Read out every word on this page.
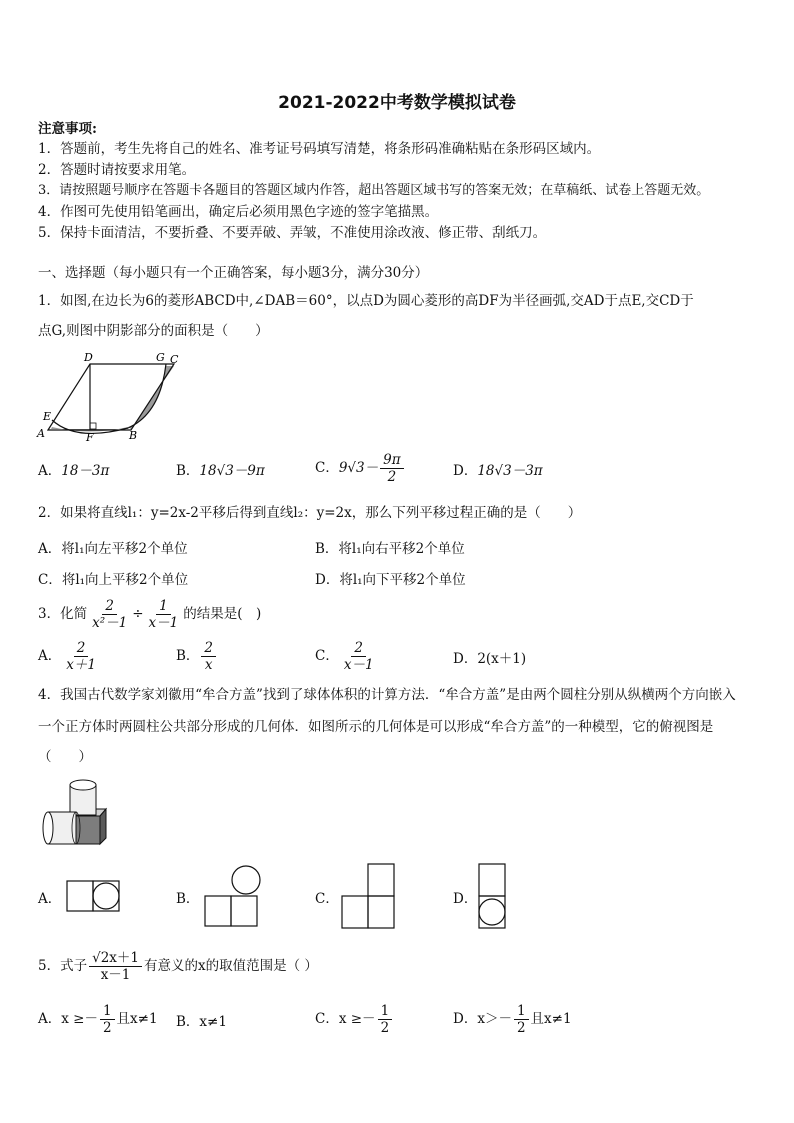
2021-2022中考数学模拟试卷
注意事项:
1．答题前，考生先将自己的姓名、准考证号码填写清楚，将条形码准确粘贴在条形码区域内。
2．答题时请按要求用笔。
3．请按照题号顺序在答题卡各题目的答题区域内作答，超出答题区域书写的答案无效；在草稿纸、试卷上答题无效。
4．作图可先使用铅笔画出，确定后必须用黑色字迹的签字笔描黑。
5．保持卡面清洁，不要折叠、不要弄破、弄皱，不准使用涂改液、修正带、刮纸刀。
一、选择题（每小题只有一个正确答案，每小题3分，满分30分）
1．如图,在边长为6的菱形ABCD中,∠DAB＝60°，以点D为圆心菱形的高DF为半径画弧,交AD于点E,交CD于
点G,则图中阴影部分的面积是（　　）
D	G C
E
A	F	B
A．18－3π	B．18√3－9π	C．$9√3- \frac{9\pi}{2}$	D．18√3－3π
2．如果将直线l₁：y=2x-2平移后得到直线l₂：y=2x，那么下列平移过程正确的是（　　）
A．将l₁向左平移2个单位	B．将l₁向右平移2个单位
C．将l₁向上平移2个单位	D．将l₁向下平移2个单位
3．化简 $\frac{2}{\text{x²－1}} \div \frac{1}{x-1}$ 的结果是(　)
A． $\frac{2}{x+1}$	B． $\frac{2}{x}$	C． $\frac{2}{x-1}$	D．2(x＋1)
4．我国古代数学家刘徽用“牟合方盖”找到了球体体积的计算方法．“牟合方盖”是由两个圆柱分别从纵横两个方向嵌入
一个正方体时两圆柱公共部分形成的几何体．如图所示的几何体是可以形成“牟合方盖”的一种模型，它的俯视图是
（　　）
A．	B．	C．	D．
5．式子 $\frac{√2x+1}{x-1}$ 有意义的x的取值范围是（ ）
A．$x \ge- \frac{1}{2}$ 且x≠1 B．x≠1	C．$x \ge- \frac{1}{2}$	D．$x>- \frac{1}{2}$ 且x≠1
